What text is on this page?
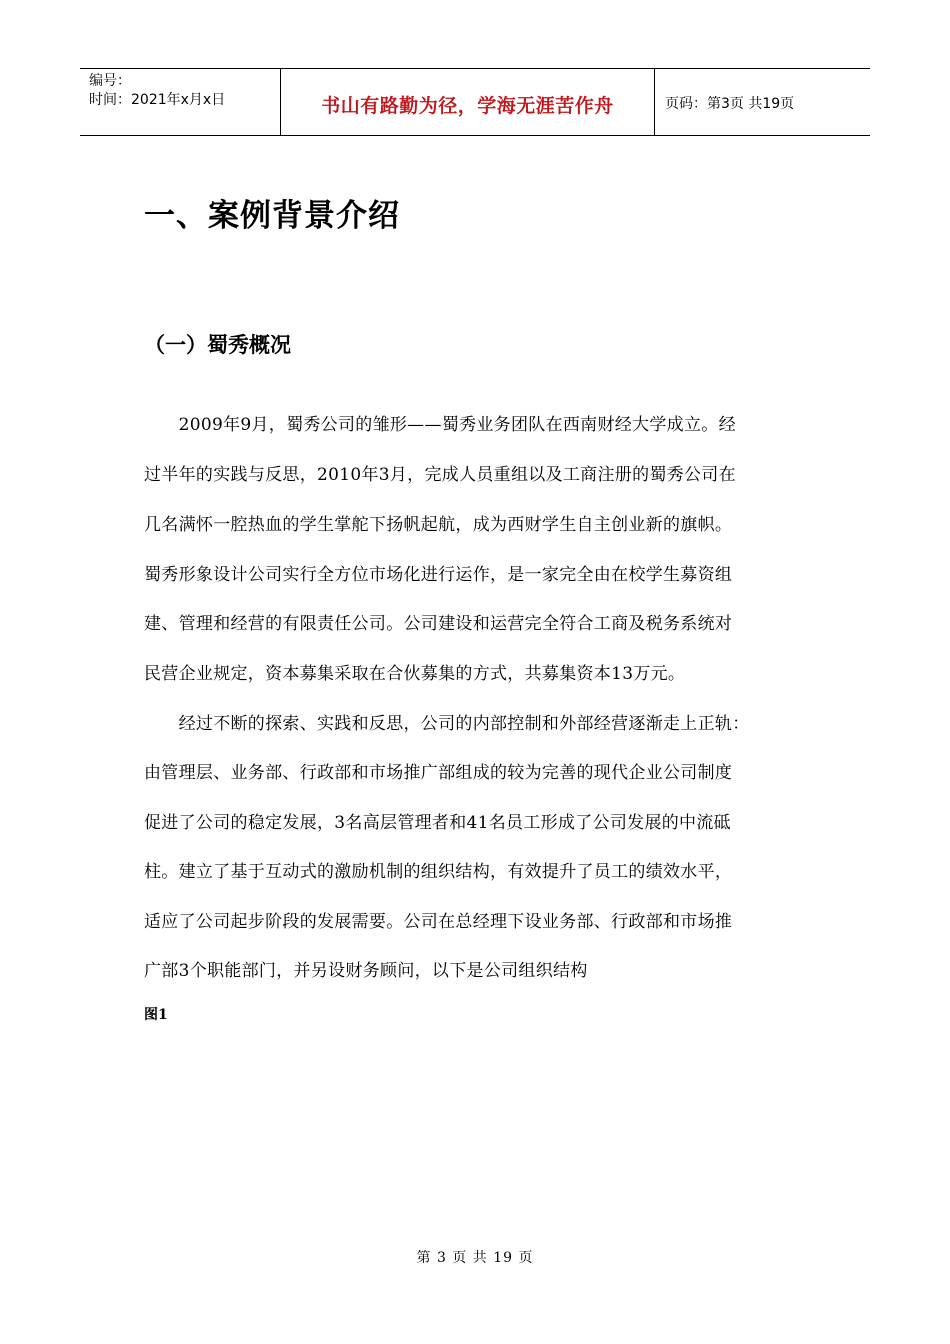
编号：
时间：2021年x月x日	书山有路勤为径，学海无涯苦作舟	页码：第3页 共19页
一、案例背景介绍
（一）蜀秀概况
　　2009年9月，蜀秀公司的雏形——蜀秀业务团队在西南财经大学成立。经
过半年的实践与反思，2010年3月，完成人员重组以及工商注册的蜀秀公司在
几名满怀一腔热血的学生掌舵下扬帆起航，成为西财学生自主创业新的旗帜。
蜀秀形象设计公司实行全方位市场化进行运作，是一家完全由在校学生募资组
建、管理和经营的有限责任公司。公司建设和运营完全符合工商及税务系统对
民营企业规定，资本募集采取在合伙募集的方式，共募集资本13万元。
　　经过不断的探索、实践和反思，公司的内部控制和外部经营逐渐走上正轨：
由管理层、业务部、行政部和市场推广部组成的较为完善的现代企业公司制度
促进了公司的稳定发展，3名高层管理者和41名员工形成了公司发展的中流砥
柱。建立了基于互动式的激励机制的组织结构，有效提升了员工的绩效水平，
适应了公司起步阶段的发展需要。公司在总经理下设业务部、行政部和市场推
广部3个职能部门，并另设财务顾问，以下是公司组织结构
图1
第 3 页 共 19 页
